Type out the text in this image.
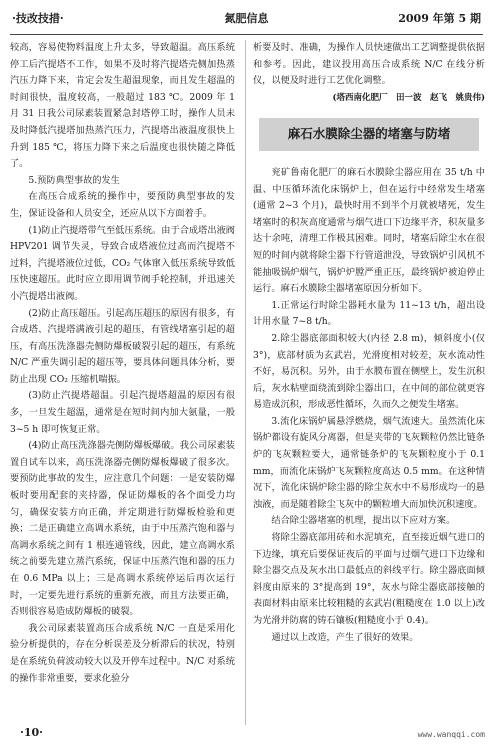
·技改技措·	氮肥信息	2009 年第 5 期

较高，容易使物料温度上升太多，导致超温。高压系统停工后汽提塔不工作，如果不及时将汽提塔壳侧加热蒸汽压力降下来，肯定会发生超温现象，而且发生超温的时间很快，温度较高，一般超过 183 ℃。2009 年 1 月 31 日我公司尿素装置紧急封塔停工时，操作人员未及时降低汽提塔加热蒸汽压力，汽提塔出液温度很快上升到 185 ℃，将压力降下来之后温度也很快随之降低了。

5.预防典型事故的发生

在高压合成系统的操作中，要预防典型事故的发生，保证设备和人员安全，还应从以下方面着手。

(1)防止汽提塔带气至低压系统。由于合成塔出液阀 HPV201 调节失灵，导致合成塔液位过高而汽提塔不过料，汽提塔液位过低，CO₂ 气体窜入低压系统导致低压快速超压。此时应立即用调节阀手轮控制，并迅速关小汽提塔出液阀。

(2)防止高压超压。引起高压超压的原因有很多，有合成塔、汽提塔满液引起的超压，有管线堵塞引起的超压，有高压洗涤器壳侧防爆板破裂引起的超压，有系统 N/C 严重失调引起的超压等，要具体问题具体分析，要防止出现 CO₂ 压缩机喘振。

(3)防止汽提塔超温。引起汽提塔超温的原因有很多，一旦发生超温，通常是在短时间内加大氨量，一般 3~5 h 即可恢复正常。

(4)防止高压洗涤器壳侧防爆板爆破。我公司尿素装置自试车以来，高压洗涤器壳侧防爆板爆破了很多次。要预防此事故的发生，应注意几个问题：一是安装防爆板时要用配套的夹持器，保证防爆板的各个面受力均匀，确保安装方向正确，并定期进行防爆板检验和更换；二是正确建立高调水系统，由于中压蒸汽饱和器与高调水系统之间有 1 根连通管线，因此，建立高调水系统之前要先建立蒸汽系统，保证中压蒸汽饱和器的压力在 0.6 MPa 以上；三是高调水系统停运后再次运行时，一定要先进行系统的重新充液，而且方法要正确，否则很容易造成防爆板的破裂。

我公司尿素装置高压合成系统 N/C 一直是采用化验分析提供的，存在分析误差及分析滞后的状况，特别是在系统负荷波动较大以及开停车过程中。N/C 对系统的操作非常重要，要求化验分

析要及时、准确，为操作人员快速做出工艺调整提供依据和参考。因此，建议投用高压合成系统 N/C 在线分析仪，以便及时进行工艺优化调整。

(塔西南化肥厂　田一波　赵飞　姚贵伟)

麻石水膜除尘器的堵塞与防堵

兖矿鲁南化肥厂的麻石水膜除尘器应用在 35 t/h 中温、中压循环流化床锅炉上，但在运行中经常发生堵塞(通常 2~3 个月)，最快时用不到半个月就被堵死，发生堵塞时的积灰高度通常与烟气进口下边缘平齐，积灰量多达十余吨，清理工作极其困难。同时，堵塞后除尘水在很短的时间内就将除尘器下行管道泄没，导致锅炉引风机不能抽吸锅炉烟气，锅炉炉膛严重正压，最终锅炉被迫停止运行。麻石水膜除尘器堵塞原因分析如下。

1.正常运行时除尘器耗水量为 11~13 t/h，超出设计用水量 7~8 t/h。

2.除尘器底部面积较大(内径 2.8 m)，倾斜度小(仅 3°)，底部材质为玄武岩，光滑度相对较差，灰水流动性不好，易沉积。另外，由于水膜布置在侧壁上，发生沉积后，灰水粘壁面绕流到除尘器出口，在中间的部位就更容易造成沉积，形成恶性循环，久而久之便发生堵塞。

3.流化床锅炉属悬浮燃烧，烟气流速大。虽然流化床锅炉都设有旋风分离器，但是夹带的飞灰颗粒仍然比链条炉的飞灰颗粒要大，通常链条炉的飞灰颗粒度小于 0.1 mm，而流化床锅炉飞灰颗粒度高达 0.5 mm。在这种情况下，流化床锅炉除尘器的除尘灰水中不易形成均一的悬浊液，而是随着除尘飞灰中的颗粒增大而加快沉积速度。

结合除尘器堵塞的机理，提出以下应对方案。

将除尘器底部用砖和水泥填充，直至接近烟气进口的下边缘，填充后要保证夜后的平面与过烟气进口下边缘和除尘器交点及灰水出口最低点的斜线平行。除尘器底面倾斜度由原来的 3°提高到 19°，灰水与除尘器底部接触的表面材料由原来比较粗糙的玄武岩(粗糙度在 1.0 以上)改为光滑并防腐的铸石镶板(粗糙度小于 0.4)。

通过以上改造，产生了很好的效果。

·10·	www.wanqqi.com
